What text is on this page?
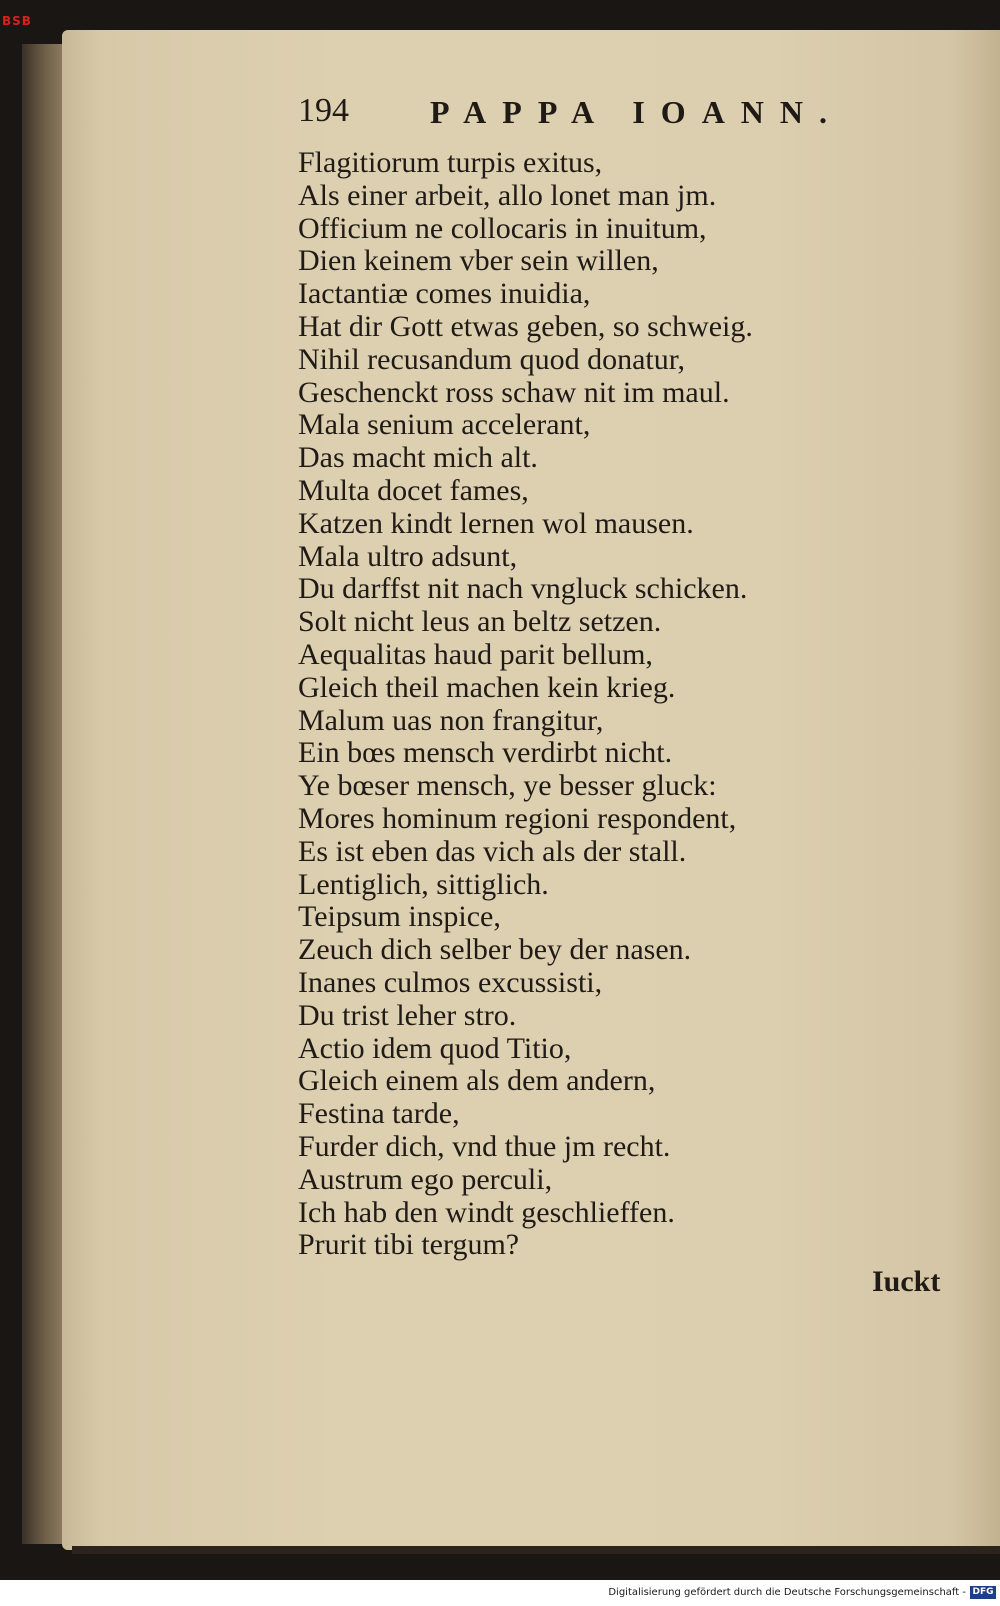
BSB
194	PAPPA IOANN.
Flagitiorum turpis exitus,
Als einer arbeit, allo lonet man jm.
Officium ne collocaris in inuitum,
Dien keinem vber sein willen,
Iactantiæ comes inuidia,
Hat dir Gott etwas geben, so schweig.
Nihil recusandum quod donatur,
Geschenckt ross schaw nit im maul.
Mala senium accelerant,
Das macht mich alt.
Multa docet fames,
Katzen kindt lernen wol mausen.
Mala ultro adsunt,
Du darffst nit nach vngluck schicken.
Solt nicht leus an beltz setzen.
Aequalitas haud parit bellum,
Gleich theil machen kein krieg.
Malum uas non frangitur,
Ein bœs mensch verdirbt nicht.
Ye bœser mensch, ye besser gluck:
Mores hominum regioni respondent,
Es ist eben das vich als der stall.
Lentiglich, sittiglich.
Teipsum inspice,
Zeuch dich selber bey der nasen.
Inanes culmos excussisti,
Du trist leher stro.
Actio idem quod Titio,
Gleich einem als dem andern,
Festina tarde,
Furder dich, vnd thue jm recht.
Austrum ego perculi,
Ich hab den windt geschlieffen.
Prurit tibi tergum?
Iuckt
Digitalisierung gefördert durch die Deutsche Forschungsgemeinschaft - DFG
